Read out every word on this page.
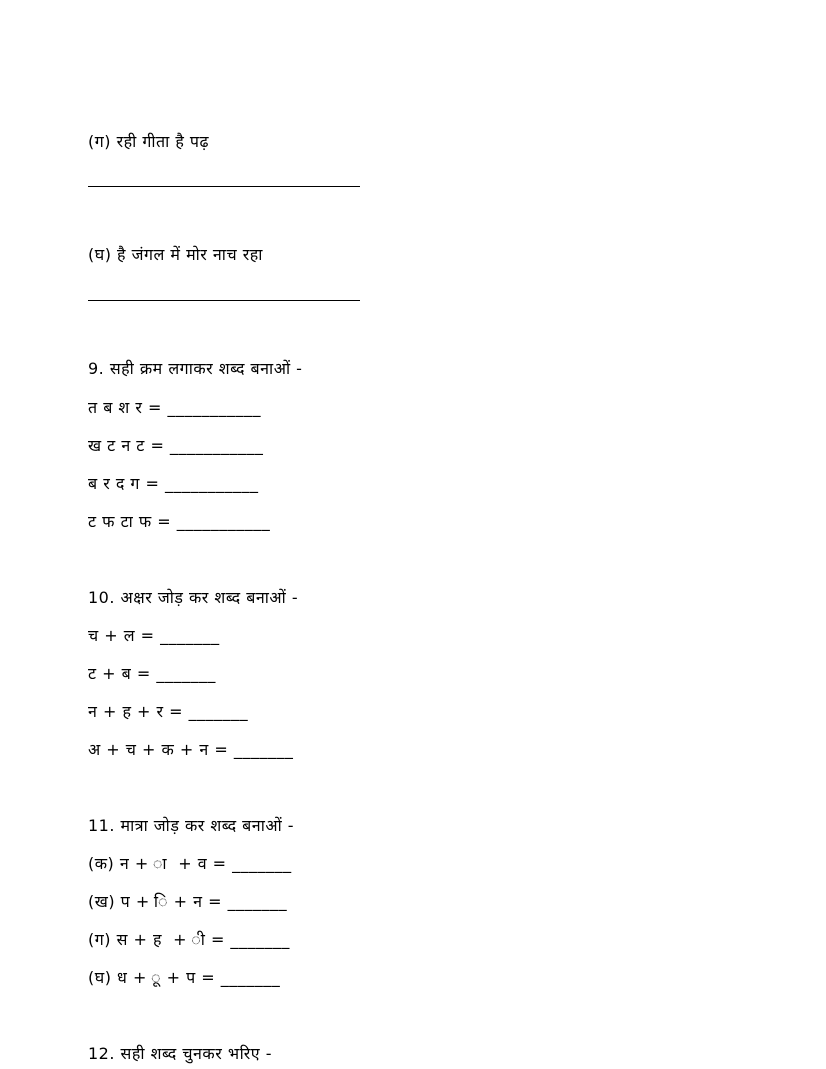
(ग) रही गीता है पढ़
(घ) है जंगल में मोर नाच रहा
9. सही क्रम लगाकर शब्द बनाओं -
त ब श र = ___________
ख ट न ट = ___________
ब र द ग = ___________
ट फ टा फ = ___________
10. अक्षर जोड़ कर शब्द बनाओं -
च + ल = _______
ट + ब = _______
न + ह + र = _______
अ + च + क + न = _______
11. मात्रा जोड़ कर शब्द बनाओं -
(क) न + ा  + व = _______
(ख) प + ि + न = _______
(ग) स + ह  + ी = _______
(घ) ध + ू + प = _______
12. सही शब्द चुनकर भरिए -
